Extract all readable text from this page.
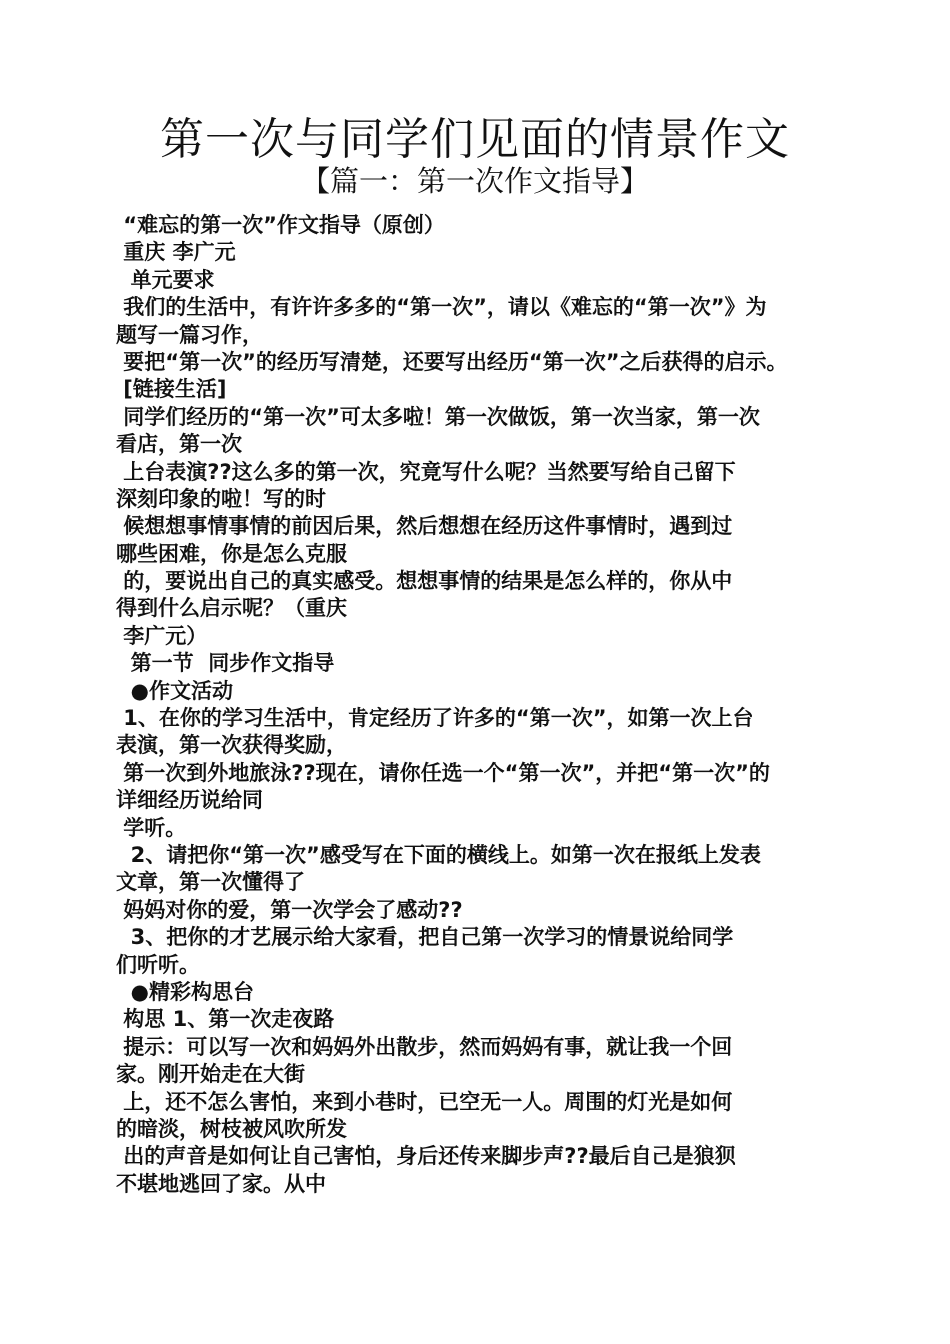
第一次与同学们见面的情景作文
【篇一：第一次作文指导】
“难忘的第一次”作文指导（原创）
重庆 李广元
单元要求
我们的生活中，有许许多多的“第一次”，请以《难忘的“第一次”》为
题写一篇习作，
要把“第一次”的经历写清楚，还要写出经历“第一次”之后获得的启示。
[链接生活]
同学们经历的“第一次”可太多啦！第一次做饭，第一次当家，第一次
看店，第一次
上台表演??这么多的第一次，究竟写什么呢？当然要写给自己留下
深刻印象的啦！写的时
候想想事情事情的前因后果，然后想想在经历这件事情时，遇到过
哪些困难，你是怎么克服
的，要说出自己的真实感受。想想事情的结果是怎么样的，你从中
得到什么启示呢？（重庆
李广元）
第一节  同步作文指导
●作文活动
1、在你的学习生活中，肯定经历了许多的“第一次”，如第一次上台
表演，第一次获得奖励，
第一次到外地旅泳??现在，请你任选一个“第一次”，并把“第一次”的
详细经历说给同
学听。
2、请把你“第一次”感受写在下面的横线上。如第一次在报纸上发表
文章，第一次懂得了
妈妈对你的爱，第一次学会了感动??
3、把你的才艺展示给大家看，把自己第一次学习的情景说给同学
们听听。
●精彩构思台
构思 1、第一次走夜路
提示：可以写一次和妈妈外出散步，然而妈妈有事，就让我一个回
家。刚开始走在大街
上，还不怎么害怕，来到小巷时，已空无一人。周围的灯光是如何
的暗淡，树枝被风吹所发
出的声音是如何让自己害怕，身后还传来脚步声??最后自己是狼狈
不堪地逃回了家。从中
